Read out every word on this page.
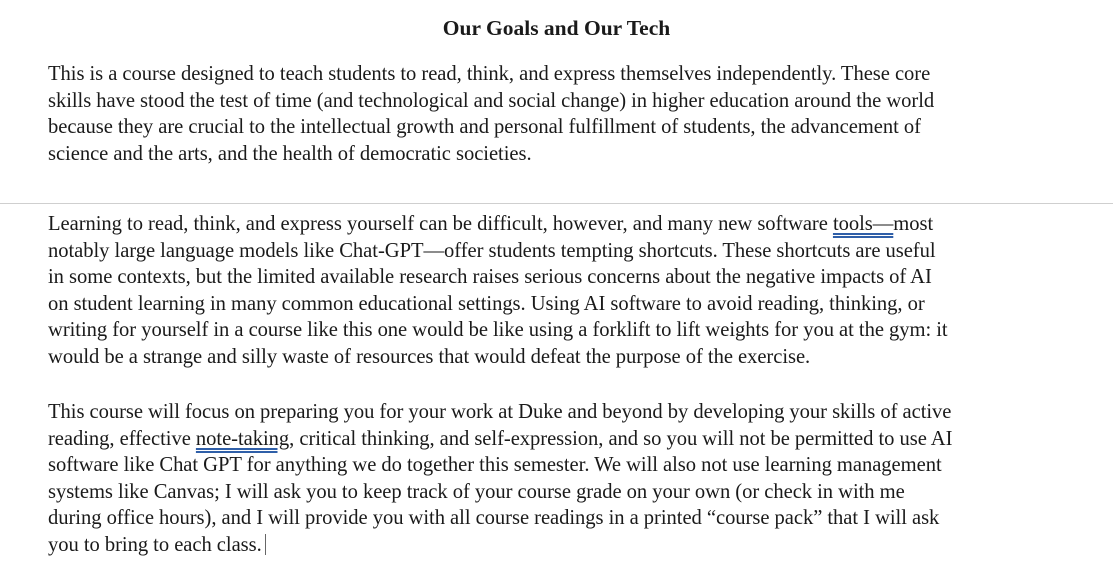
Our Goals and Our Tech

This is a course designed to teach students to read, think, and express themselves independently. These core
skills have stood the test of time (and technological and social change) in higher education around the world
because they are crucial to the intellectual growth and personal fulfillment of students, the advancement of
science and the arts, and the health of democratic societies.

Learning to read, think, and express yourself can be difficult, however, and many new software tools—most
notably large language models like Chat-GPT—offer students tempting shortcuts. These shortcuts are useful
in some contexts, but the limited available research raises serious concerns about the negative impacts of AI
on student learning in many common educational settings. Using AI software to avoid reading, thinking, or
writing for yourself in a course like this one would be like using a forklift to lift weights for you at the gym: it
would be a strange and silly waste of resources that would defeat the purpose of the exercise.

This course will focus on preparing you for your work at Duke and beyond by developing your skills of active
reading, effective note-taking, critical thinking, and self-expression, and so you will not be permitted to use AI
software like Chat GPT for anything we do together this semester. We will also not use learning management
systems like Canvas; I will ask you to keep track of your course grade on your own (or check in with me
during office hours), and I will provide you with all course readings in a printed “course pack” that I will ask
you to bring to each class.
